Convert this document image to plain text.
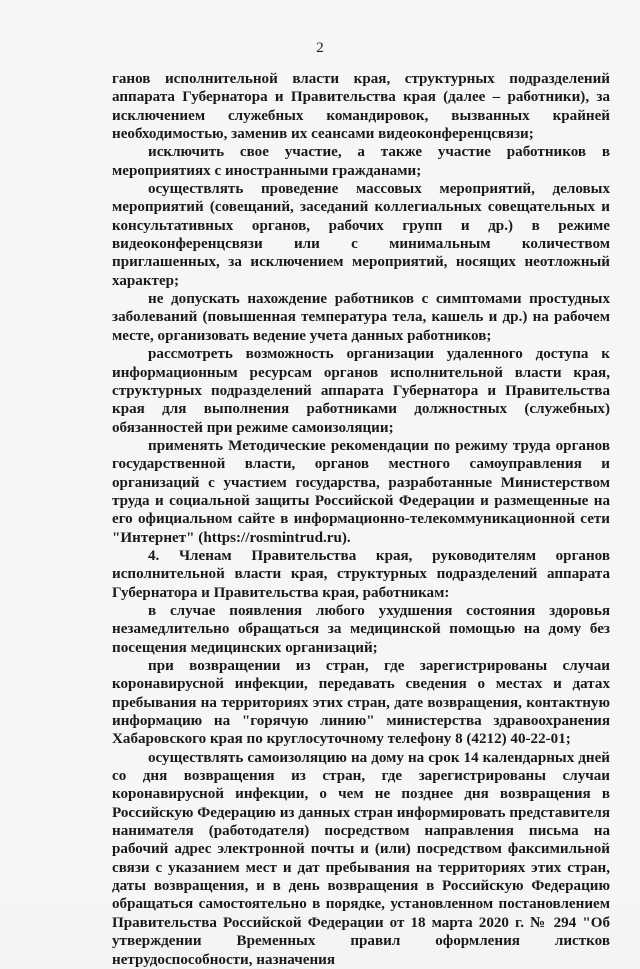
2

ганов исполнительной власти края, структурных подразделений аппарата Губернатора и Правительства края (далее – работники), за исключением служебных командировок, вызванных крайней необходимостью, заменив их сеансами видеоконференцсвязи;

исключить свое участие, а также участие работников в мероприятиях с иностранными гражданами;

осуществлять проведение массовых мероприятий, деловых мероприятий (совещаний, заседаний коллегиальных совещательных и консультативных органов, рабочих групп и др.) в режиме видеоконференцсвязи или с минимальным количеством приглашенных, за исключением мероприятий, носящих неотложный характер;

не допускать нахождение работников с симптомами простудных заболеваний (повышенная температура тела, кашель и др.) на рабочем месте, организовать ведение учета данных работников;

рассмотреть возможность организации удаленного доступа к информационным ресурсам органов исполнительной власти края, структурных подразделений аппарата Губернатора и Правительства края для выполнения работниками должностных (служебных) обязанностей при режиме самоизоляции;

применять Методические рекомендации по режиму труда органов государственной власти, органов местного самоуправления и организаций с участием государства, разработанные Министерством труда и социальной защиты Российской Федерации и размещенные на его официальном сайте в информационно-телекоммуникационной сети "Интернет" (https://rosmintrud.ru).

4. Членам Правительства края, руководителям органов исполнительной власти края, структурных подразделений аппарата Губернатора и Правительства края, работникам:

в случае появления любого ухудшения состояния здоровья незамедлительно обращаться за медицинской помощью на дому без посещения медицинских организаций;

при возвращении из стран, где зарегистрированы случаи коронавирусной инфекции, передавать сведения о местах и датах пребывания на территориях этих стран, дате возвращения, контактную информацию на "горячую линию" министерства здравоохранения Хабаровского края по круглосуточному телефону 8 (4212) 40-22-01;

осуществлять самоизоляцию на дому на срок 14 календарных дней со дня возвращения из стран, где зарегистрированы случаи коронавирусной инфекции, о чем не позднее дня возвращения в Российскую Федерацию из данных стран информировать представителя нанимателя (работодателя) посредством направления письма на рабочий адрес электронной почты и (или) посредством факсимильной связи с указанием мест и дат пребывания на территориях этих стран, даты возвращения, и в день возвращения в Российскую Федерацию обращаться самостоятельно в порядке, установленном постановлением Правительства Российской Федерации от 18 марта 2020 г. № 294 "Об утверждении Временных правил оформления листков нетрудоспособности, назначения
